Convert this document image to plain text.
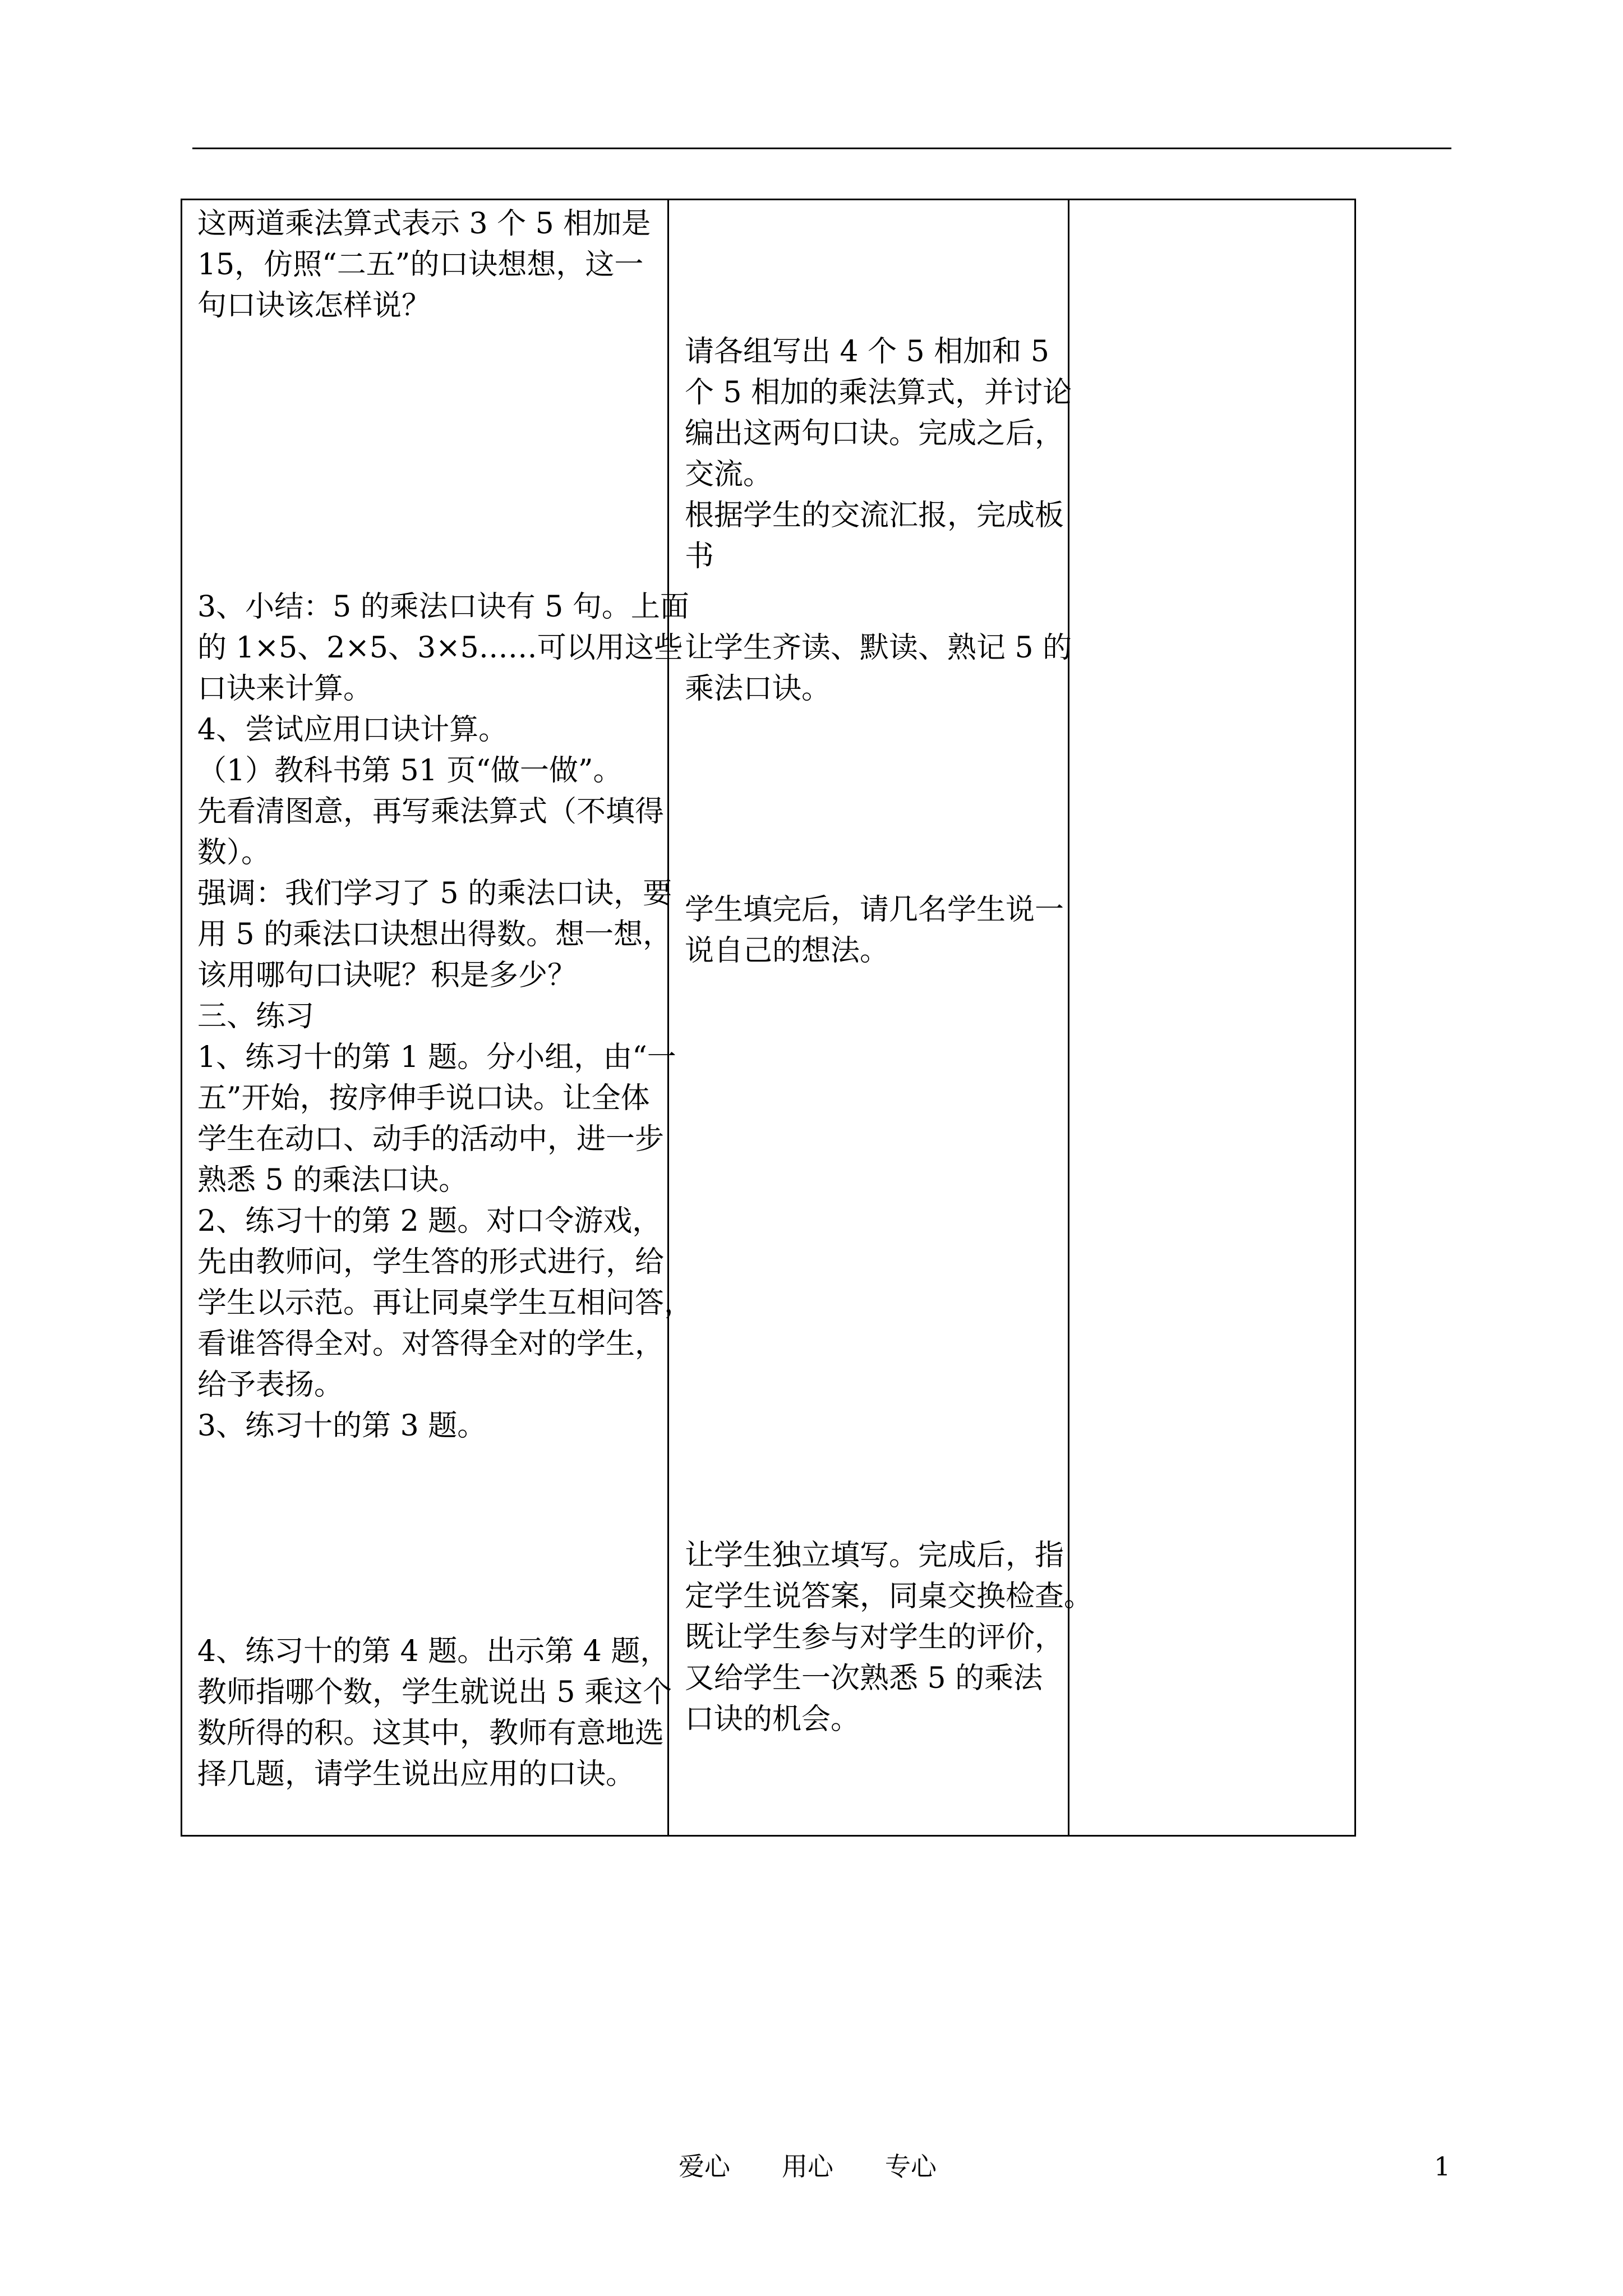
这两道乘法算式表示 3 个 5 相加是
15，仿照“二五”的口诀想想，这一
句口诀该怎样说？

3、小结：5 的乘法口诀有 5 句。上面
的 1×5、2×5、3×5……可以用这些
口诀来计算。
4、尝试应用口诀计算。
（1）教科书第 51 页“做一做”。
先看清图意，再写乘法算式（不填得
数）。
强调：我们学习了 5 的乘法口诀，要
用 5 的乘法口诀想出得数。想一想，
该用哪句口诀呢？积是多少？
三、练习
1、练习十的第 1 题。分小组，由“一
五”开始，按序伸手说口诀。让全体
学生在动口、动手的活动中，进一步
熟悉 5 的乘法口诀。
2、练习十的第 2 题。对口令游戏，
先由教师问，学生答的形式进行，给
学生以示范。再让同桌学生互相问答，
看谁答得全对。对答得全对的学生，
给予表扬。
3、练习十的第 3 题。

4、练习十的第 4 题。出示第 4 题，
教师指哪个数，学生就说出 5 乘这个
数所得的积。这其中，教师有意地选
择几题，请学生说出应用的口诀。

请各组写出 4 个 5 相加和 5
个 5 相加的乘法算式，并讨论
编出这两句口诀。完成之后，
交流。
根据学生的交流汇报，完成板
书

让学生齐读、默读、熟记 5 的
乘法口诀。

学生填完后，请几名学生说一
说自己的想法。

让学生独立填写。完成后，指
定学生说答案，同桌交换检查。
既让学生参与对学生的评价，
又给学生一次熟悉 5 的乘法
口诀的机会。

爱心　　用心　　专心	1
